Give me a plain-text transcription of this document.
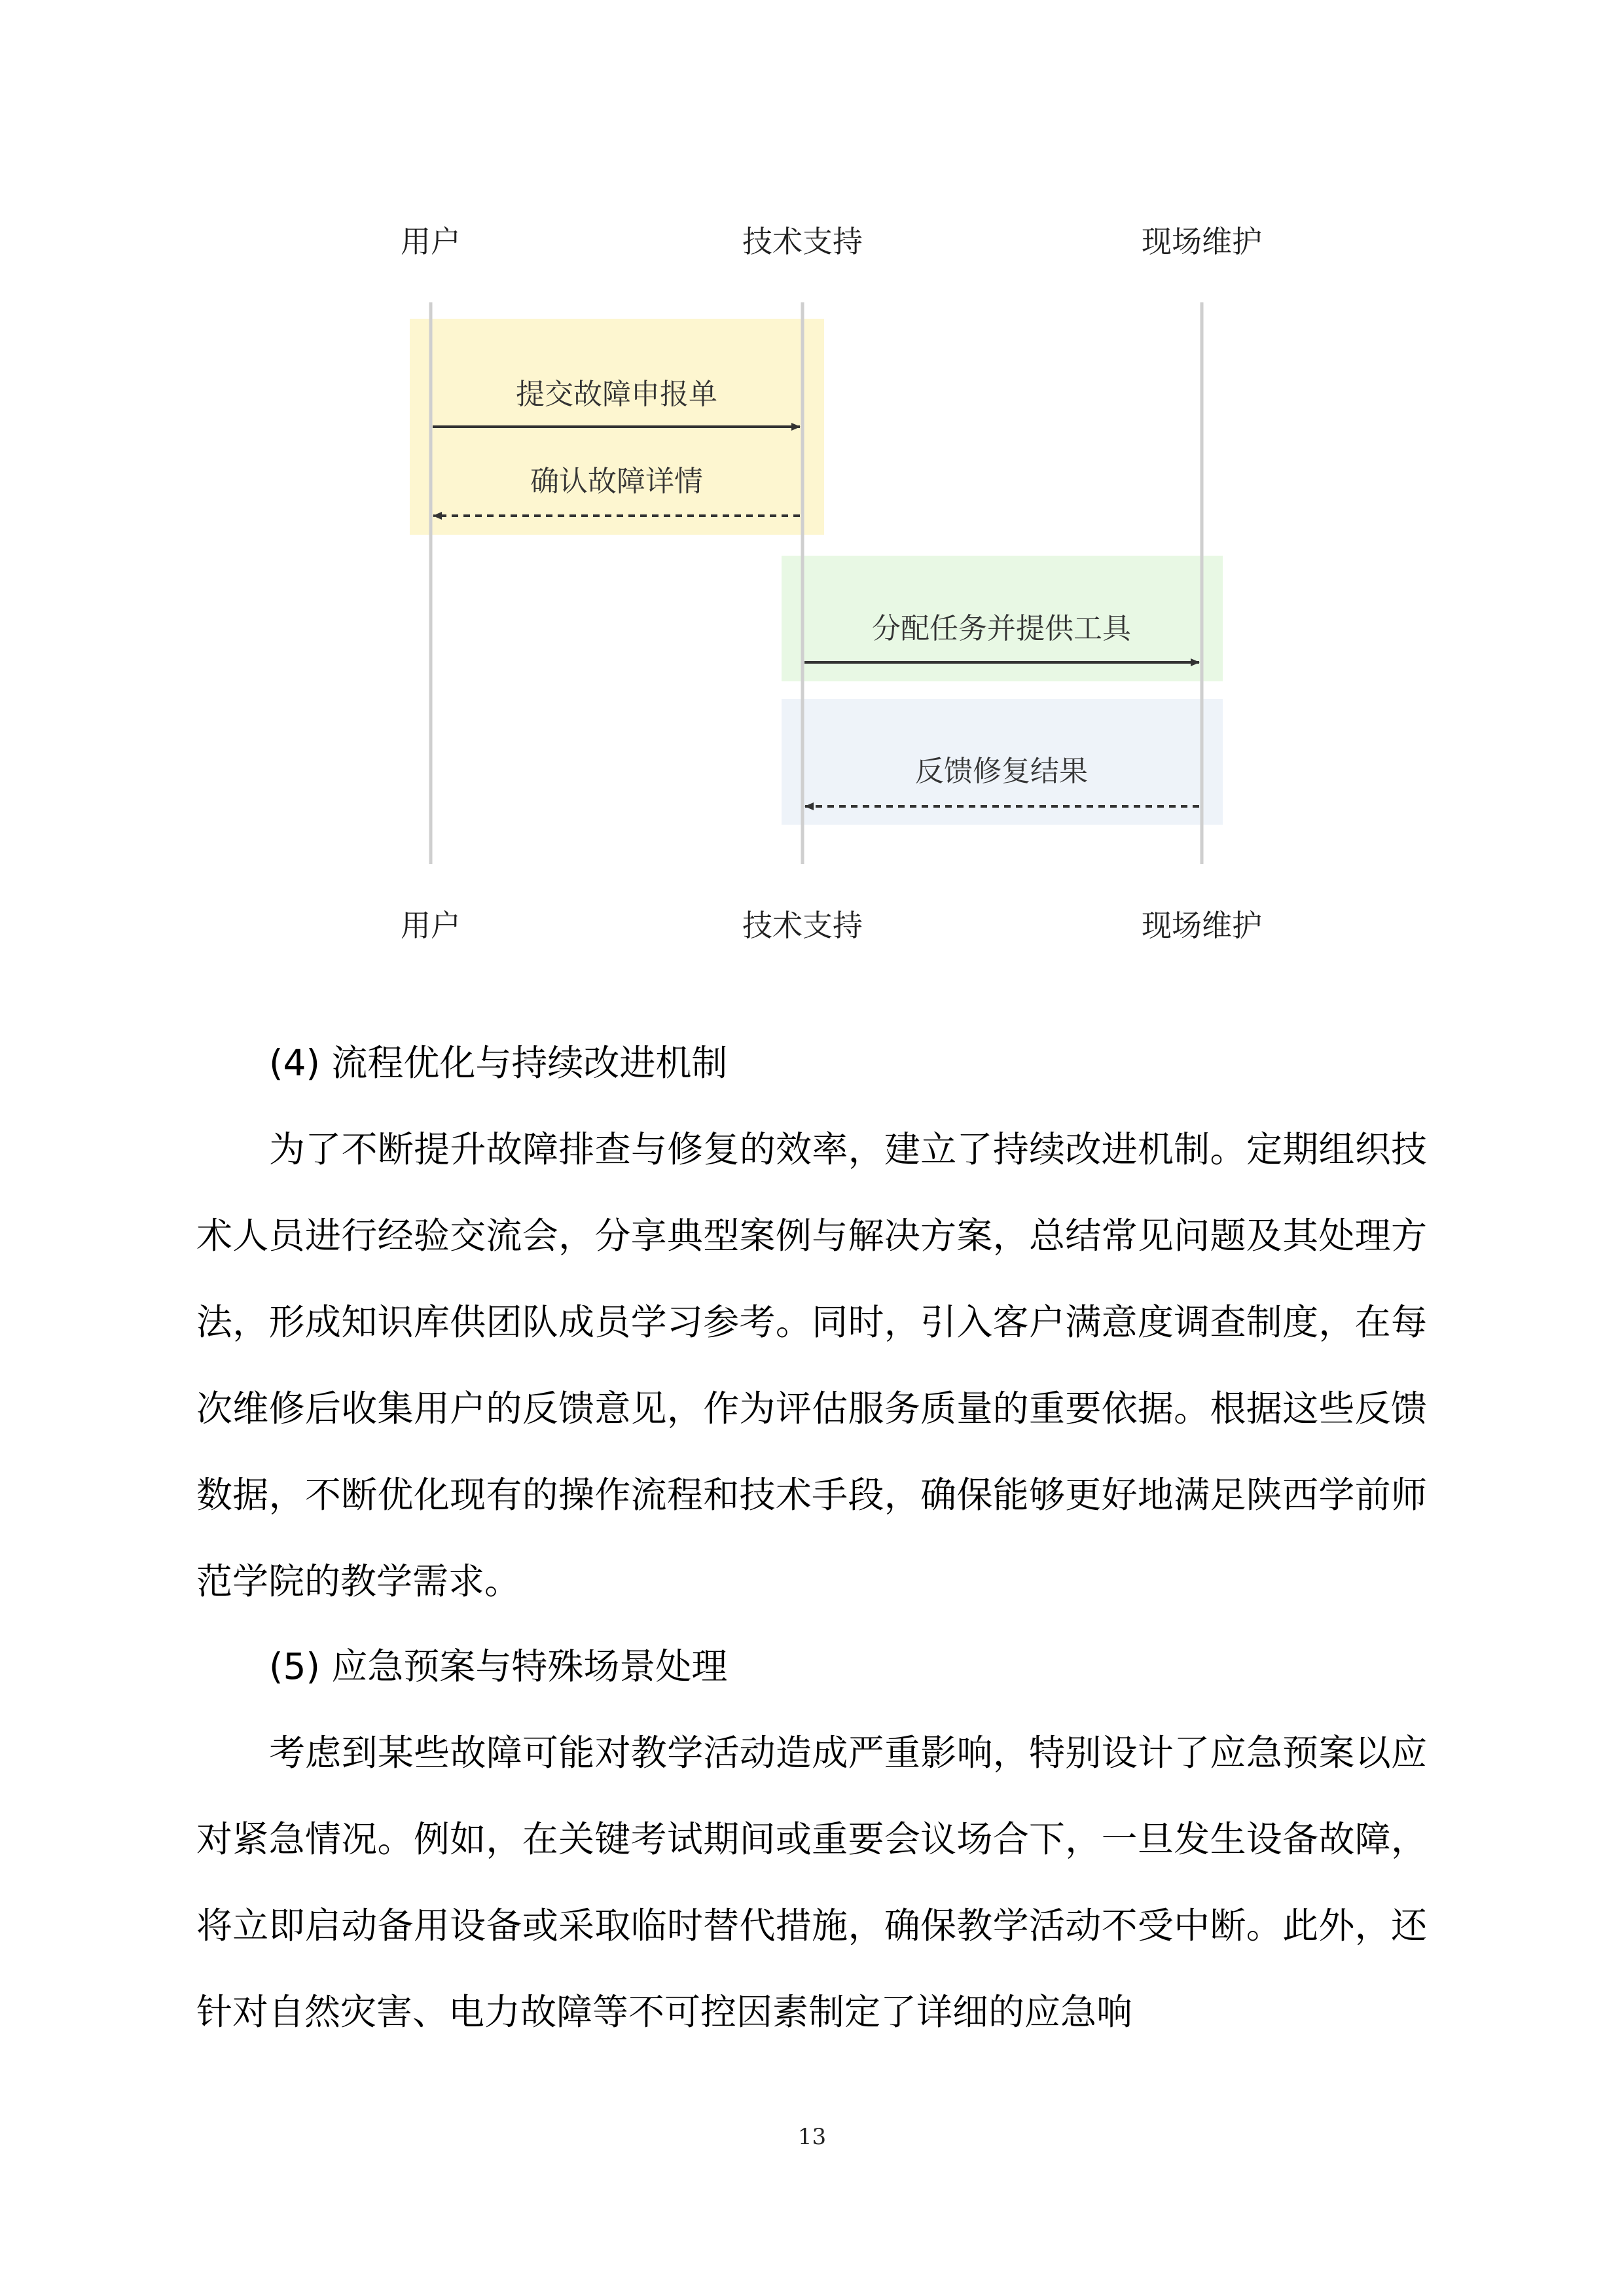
用户	技术支持	现场维护
用户	技术支持	现场维护
提交故障申报单
确认故障详情
分配任务并提供工具
反馈修复结果

(4) 流程优化与持续改进机制

为了不断提升故障排查与修复的效率，建立了持续改进机制。定期组织技术人员进行经验交流会，分享典型案例与解决方案，总结常见问题及其处理方法，形成知识库供团队成员学习参考。同时，引入客户满意度调查制度，在每次维修后收集用户的反馈意见，作为评估服务质量的重要依据。根据这些反馈数据，不断优化现有的操作流程和技术手段，确保能够更好地满足陕西学前师范学院的教学需求。

(5) 应急预案与特殊场景处理

考虑到某些故障可能对教学活动造成严重影响，特别设计了应急预案以应对紧急情况。例如，在关键考试期间或重要会议场合下，一旦发生设备故障，将立即启动备用设备或采取临时替代措施，确保教学活动不受中断。此外，还针对自然灾害、电力故障等不可控因素制定了详细的应急响

13
